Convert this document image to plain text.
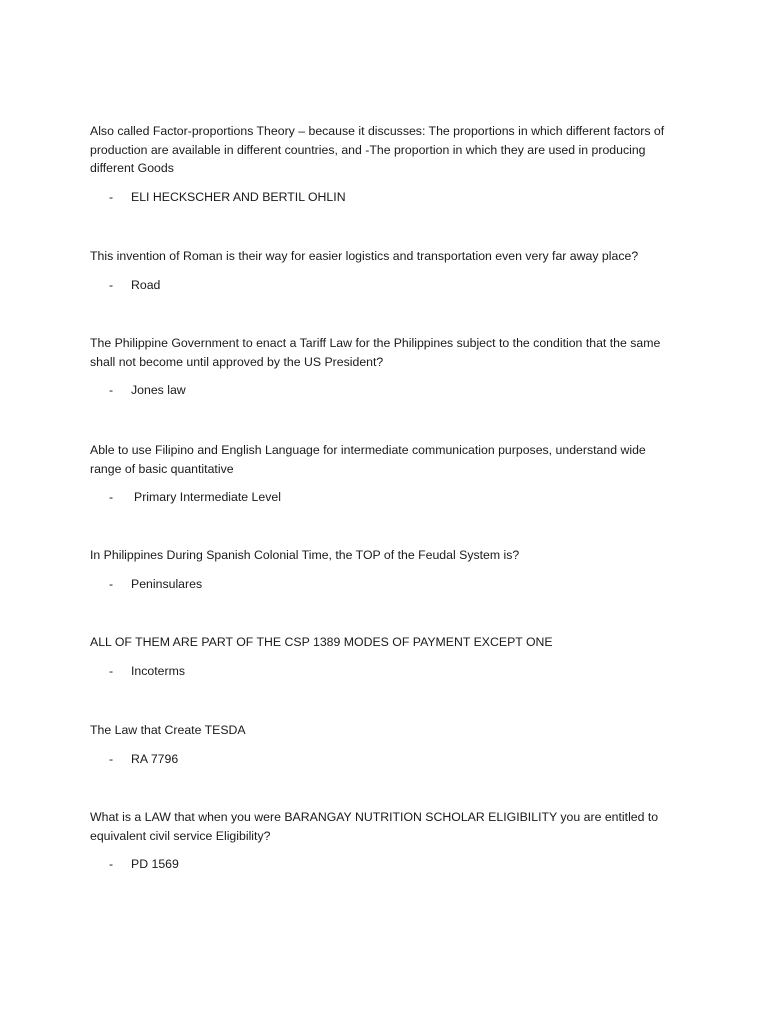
Also called Factor-proportions Theory – because it discusses: The proportions in which different factors of production are available in different countries, and -The proportion in which they are used in producing different Goods

- ELI HECKSCHER AND BERTIL OHLIN

This invention of Roman is their way for easier logistics and transportation even very far away place?

- Road

The Philippine Government to enact a Tariff Law for the Philippines subject to the condition that the same shall not become until approved by the US President?

- Jones law

Able to use Filipino and English Language for intermediate communication purposes, understand wide range of basic quantitative

- Primary Intermediate Level

In Philippines During Spanish Colonial Time, the TOP of the Feudal System is?

- Peninsulares

ALL OF THEM ARE PART OF THE CSP 1389 MODES OF PAYMENT EXCEPT ONE

- Incoterms

The Law that Create TESDA

- RA 7796

What is a LAW that when you were BARANGAY NUTRITION SCHOLAR ELIGIBILITY you are entitled to equivalent civil service Eligibility?

- PD 1569
